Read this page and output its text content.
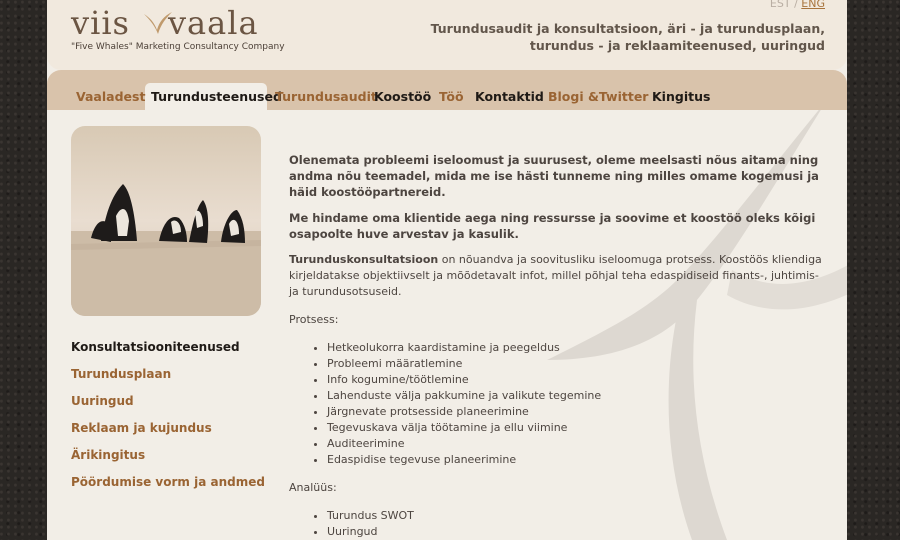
viis vaala
"Five Whales" Marketing Consultancy Company
EST / ENG
Turundusaudit ja konsultatsioon, äri - ja turundusplaan,
turundus - ja reklaamiteenused, uuringud
Vaaladest Turundusteenused
Turundusaudit
Koostöö Töö Kontaktid Blogi &Twitter Kingitus
Konsultatsiooniteenused
Turundusplaan
Uuringud
Reklaam ja kujundus
Ärikingitus
Pöördumise vorm ja andmed

Olenemata probleemi iseloomust ja suurusest, oleme meelsasti nõus aitama ning andma nõu teemadel, mida me ise hästi tunneme ning milles omame kogemusi ja häid koostööpartnereid.

Me hindame oma klientide aega ning ressursse ja soovime et koostöö oleks kõigi osapoolte huve arvestav ja kasulik.

Turunduskonsultatsioon on nõuandva ja soovitusliku iseloomuga protsess. Koostöös kliendiga kirjeldatakse objektiivselt ja mõõdetavalt infot, millel põhjal teha edaspidiseid finants-, juhtimis- ja turundusotsuseid.

Protsess:

• Hetkeolukorra kaardistamine ja peegeldus
• Probleemi määratlemine
• Info kogumine/töötlemine
• Lahenduste välja pakkumine ja valikute tegemine
• Järgnevate protsesside planeerimine
• Tegevuskava välja töötamine ja ellu viimine
• Auditeerimine
• Edaspidise tegevuse planeerimine

Analüüs:

• Turundus SWOT
• Uuringud
